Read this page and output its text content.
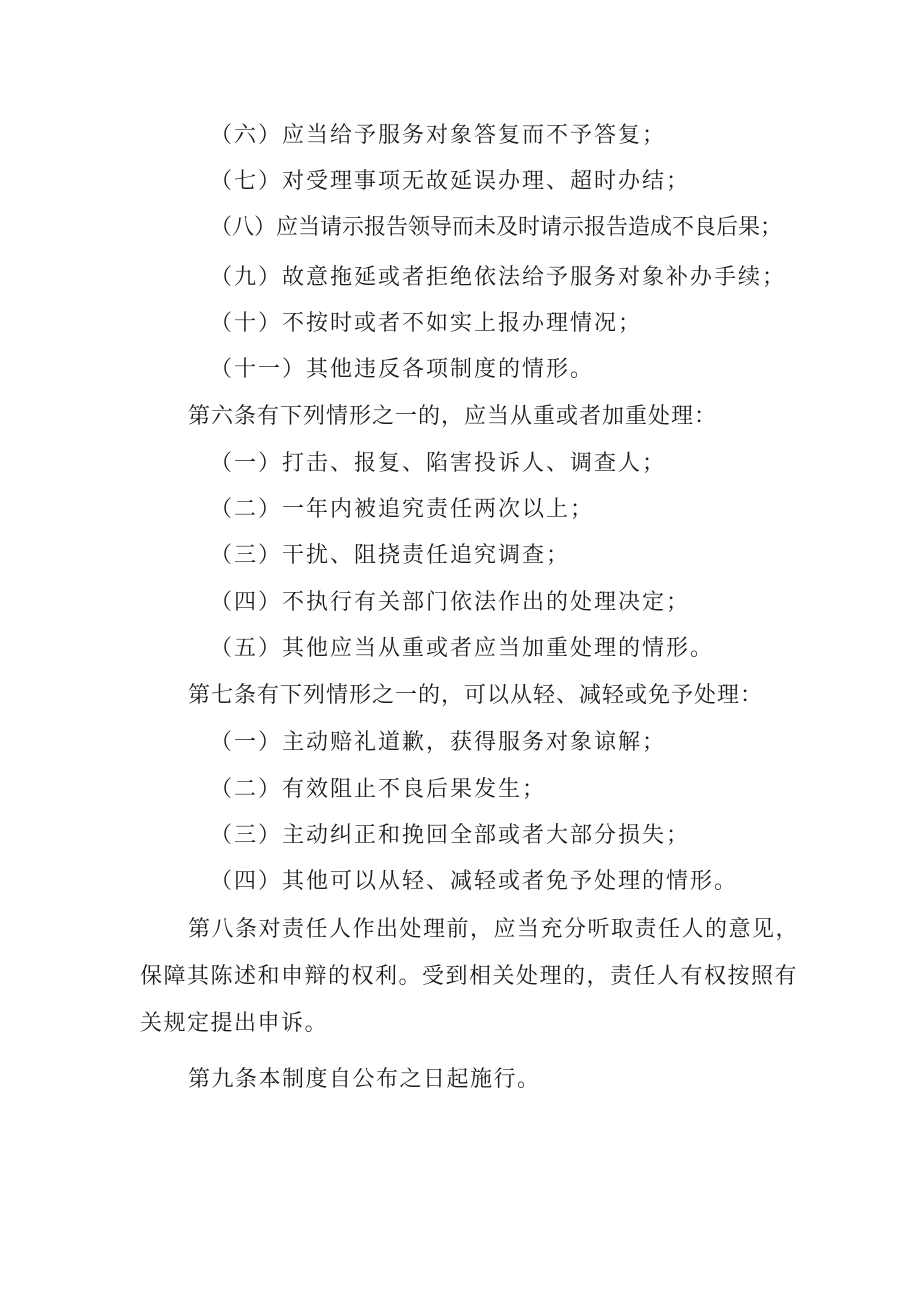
（六）应当给予服务对象答复而不予答复；
（七）对受理事项无故延误办理、超时办结；
（八）应当请示报告领导而未及时请示报告造成不良后果；
（九）故意拖延或者拒绝依法给予服务对象补办手续；
（十）不按时或者不如实上报办理情况；
（十一）其他违反各项制度的情形。
第六条有下列情形之一的，应当从重或者加重处理：
（一）打击、报复、陷害投诉人、调查人；
（二）一年内被追究责任两次以上；
（三）干扰、阻挠责任追究调查；
（四）不执行有关部门依法作出的处理决定；
（五）其他应当从重或者应当加重处理的情形。
第七条有下列情形之一的，可以从轻、减轻或免予处理：
（一）主动赔礼道歉，获得服务对象谅解；
（二）有效阻止不良后果发生；
（三）主动纠正和挽回全部或者大部分损失；
（四）其他可以从轻、减轻或者免予处理的情形。
第八条对责任人作出处理前，应当充分听取责任人的意见，
保障其陈述和申辩的权利。受到相关处理的，责任人有权按照有
关规定提出申诉。
第九条本制度自公布之日起施行。
